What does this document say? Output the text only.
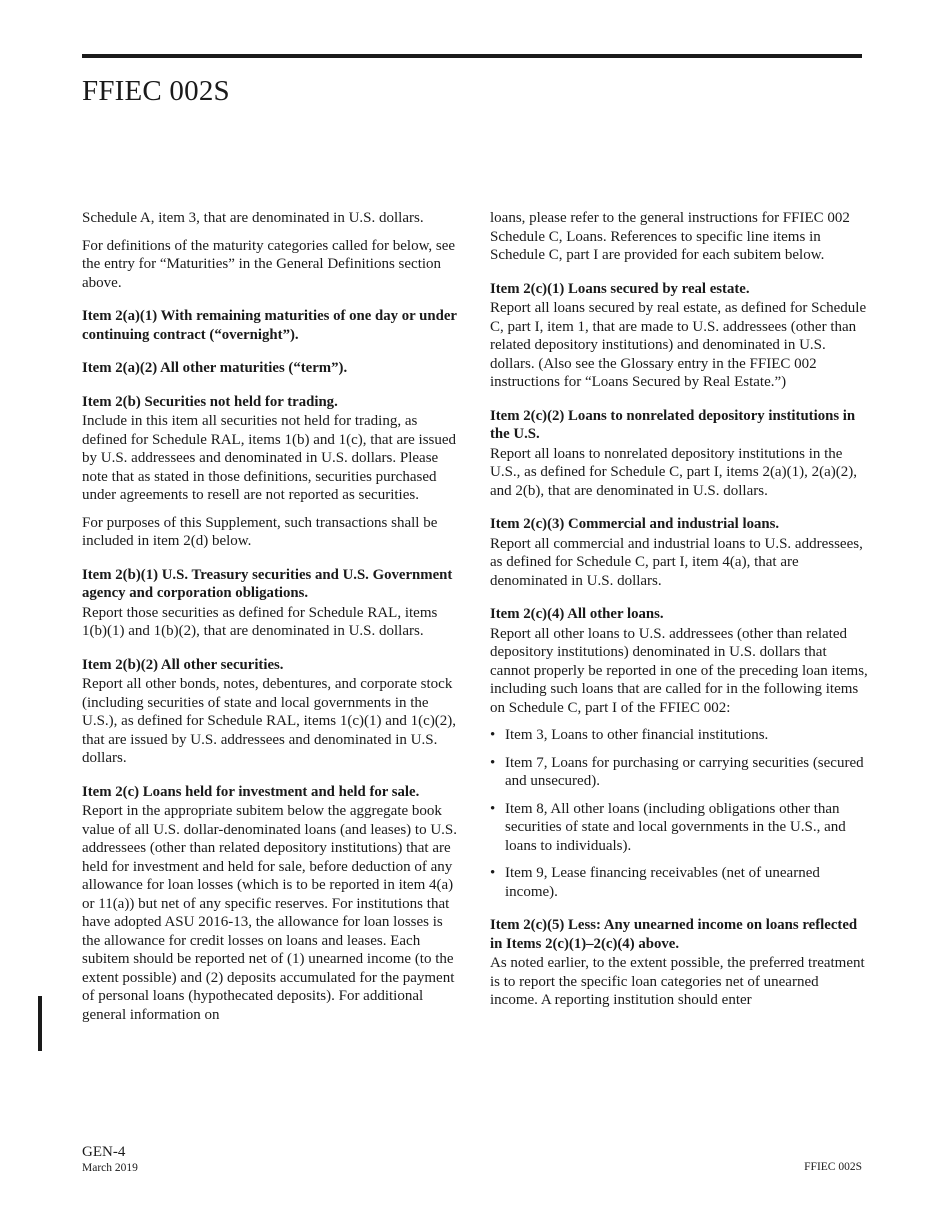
FFIEC 002S

Schedule A, item 3, that are denominated in U.S. dollars.

For definitions of the maturity categories called for below, see the entry for “Maturities” in the General Definitions section above.

Item 2(a)(1) With remaining maturities of one day or under continuing contract (“overnight”).
Item 2(a)(2) All other maturities (“term”).
Item 2(b) Securities not held for trading.

Include in this item all securities not held for trading, as defined for Schedule RAL, items 1(b) and 1(c), that are issued by U.S. addressees and denominated in U.S. dollars. Please note that as stated in those definitions, securities purchased under agreements to resell are not reported as securities.

For purposes of this Supplement, such transactions shall be included in item 2(d) below.

Item 2(b)(1) U.S. Treasury securities and U.S. Government agency and corporation obligations.

Report those securities as defined for Schedule RAL, items 1(b)(1) and 1(b)(2), that are denominated in U.S. dollars.

Item 2(b)(2) All other securities.

Report all other bonds, notes, debentures, and corporate stock (including securities of state and local governments in the U.S.), as defined for Schedule RAL, items 1(c)(1) and 1(c)(2), that are issued by U.S. addressees and denominated in U.S. dollars.

Item 2(c) Loans held for investment and held for sale.

Report in the appropriate subitem below the aggregate book value of all U.S. dollar-denominated loans (and leases) to U.S. addressees (other than related depository institutions) that are held for investment and held for sale, before deduction of any allowance for loan losses (which is to be reported in item 4(a) or 11(a)) but net of any specific reserves. For institutions that have adopted ASU 2016-13, the allowance for loan losses is the allowance for credit losses on loans and leases. Each subitem should be reported net of (1) unearned income (to the extent possible) and (2) deposits accumulated for the payment of personal loans (hypothecated deposits). For additional general information on

loans, please refer to the general instructions for FFIEC 002 Schedule C, Loans. References to specific line items in Schedule C, part I are provided for each subitem below.

Item 2(c)(1) Loans secured by real estate.

Report all loans secured by real estate, as defined for Schedule C, part I, item 1, that are made to U.S. addressees (other than related depository institutions) and denominated in U.S. dollars. (Also see the Glossary entry in the FFIEC 002 instructions for “Loans Secured by Real Estate.”)

Item 2(c)(2) Loans to nonrelated depository institutions in the U.S.

Report all loans to nonrelated depository institutions in the U.S., as defined for Schedule C, part I, items 2(a)(1), 2(a)(2), and 2(b), that are denominated in U.S. dollars.

Item 2(c)(3) Commercial and industrial loans.

Report all commercial and industrial loans to U.S. addressees, as defined for Schedule C, part I, item 4(a), that are denominated in U.S. dollars.

Item 2(c)(4) All other loans.

Report all other loans to U.S. addressees (other than related depository institutions) denominated in U.S. dollars that cannot properly be reported in one of the preceding loan items, including such loans that are called for in the following items on Schedule C, part I of the FFIEC 002:

• Item 3, Loans to other financial institutions.
• Item 7, Loans for purchasing or carrying securities (secured and unsecured).
• Item 8, All other loans (including obligations other than securities of state and local governments in the U.S., and loans to individuals).
• Item 9, Lease financing receivables (net of unearned income).
Item 2(c)(5) Less: Any unearned income on loans reflected in Items 2(c)(1)–2(c)(4) above.

As noted earlier, to the extent possible, the preferred treatment is to report the specific loan categories net of unearned income. A reporting institution should enter

GEN-4
March 2019	FFIEC 002S
